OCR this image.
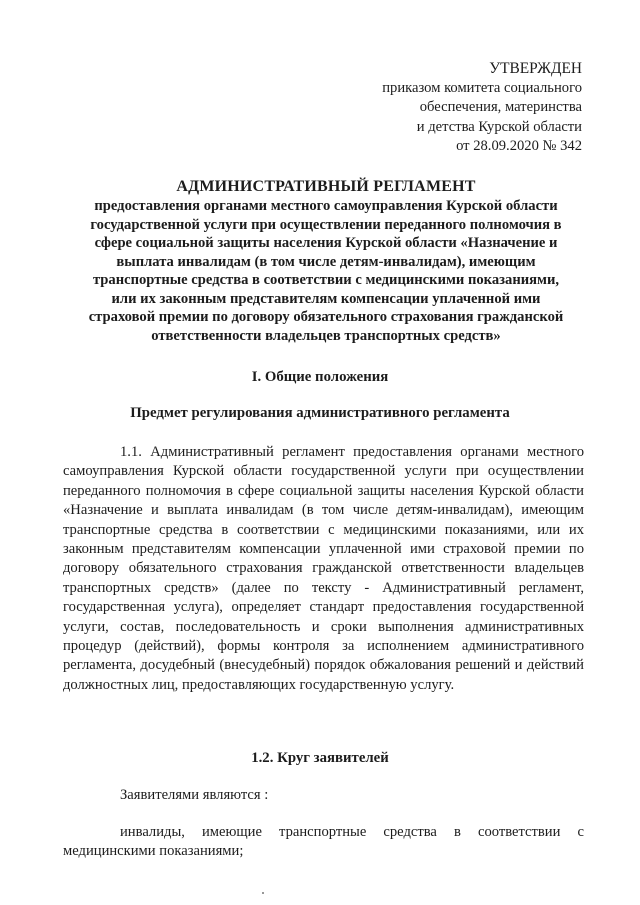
УТВЕРЖДЕН
приказом комитета социального
обеспечения, материнства
и детства Курской области
от 28.09.2020 № 342
АДМИНИСТРАТИВНЫЙ РЕГЛАМЕНТ
предоставления органами местного самоуправления Курской области государственной услуги при осуществлении переданного полномочия в сфере социальной защиты населения Курской области «Назначение и выплата инвалидам (в том числе детям-инвалидам), имеющим транспортные средства в соответствии с медицинскими показаниями, или их законным представителям компенсации уплаченной ими страховой премии по договору обязательного страхования гражданской ответственности владельцев транспортных средств»
I. Общие положения
Предмет регулирования административного регламента
1.1. Административный регламент предоставления органами местного самоуправления Курской области государственной услуги при осуществлении переданного полномочия в сфере социальной защиты населения Курской области «Назначение и выплата инвалидам (в том числе детям-инвалидам), имеющим транспортные средства в соответствии с медицинскими показаниями, или их законным представителям компенсации уплаченной ими страховой премии по договору обязательного страхования гражданской ответственности владельцев транспортных средств» (далее по тексту - Административный регламент, государственная услуга), определяет стандарт предоставления государственной услуги, состав, последовательность и сроки выполнения административных процедур (действий), формы контроля за исполнением административного регламента, досудебный (внесудебный) порядок обжалования решений и действий должностных лиц, предоставляющих государственную услугу.
1.2. Круг заявителей
Заявителями являются :
инвалиды, имеющие транспортные средства в соответствии с медицинскими показаниями;
